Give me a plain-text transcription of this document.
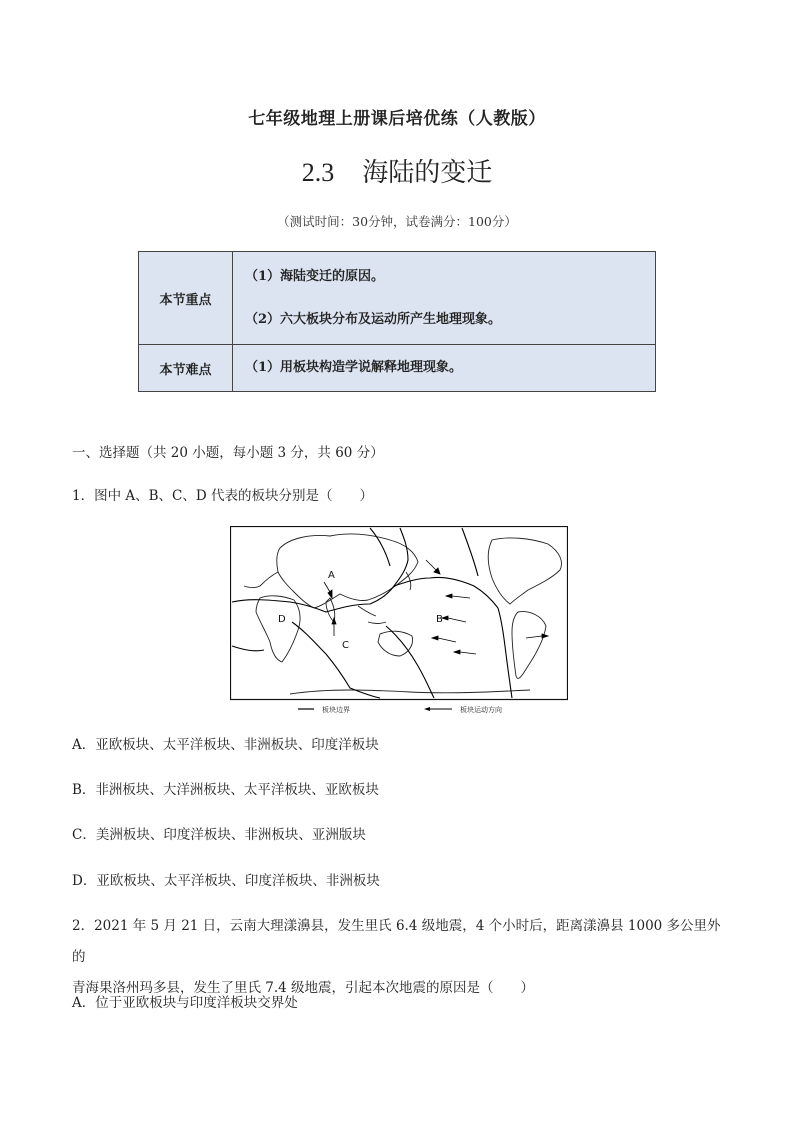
七年级地理上册课后培优练（人教版）
2.3 海陆的变迁
（测试时间：30分钟，试卷满分：100分）
本节重点	（1）海陆变迁的原因。

（2）六大板块分布及运动所产生地理现象。

本节难点	（1）用板块构造学说解释地理现象。

一、选择题（共 20 小题，每小题 3 分，共 60 分）
1．图中 A、B、C、D 代表的板块分别是（　　）
A
B
C
D
板块边界	板块运动方向
A．亚欧板块、太平洋板块、非洲板块、印度洋板块
B．非洲板块、大洋洲板块、太平洋板块、亚欧板块
C．美洲板块、印度洋板块、非洲板块、亚洲版块
D．亚欧板块、太平洋板块、印度洋板块、非洲板块
2．2021 年 5 月 21 日，云南大理漾濞县，发生里氏 6.4 级地震，4 个小时后，距离漾濞县 1000 多公里外的
青海果洛州玛多县，发生了里氏 7.4 级地震，引起本次地震的原因是（　　）
A．位于亚欧板块与印度洋板块交界处
